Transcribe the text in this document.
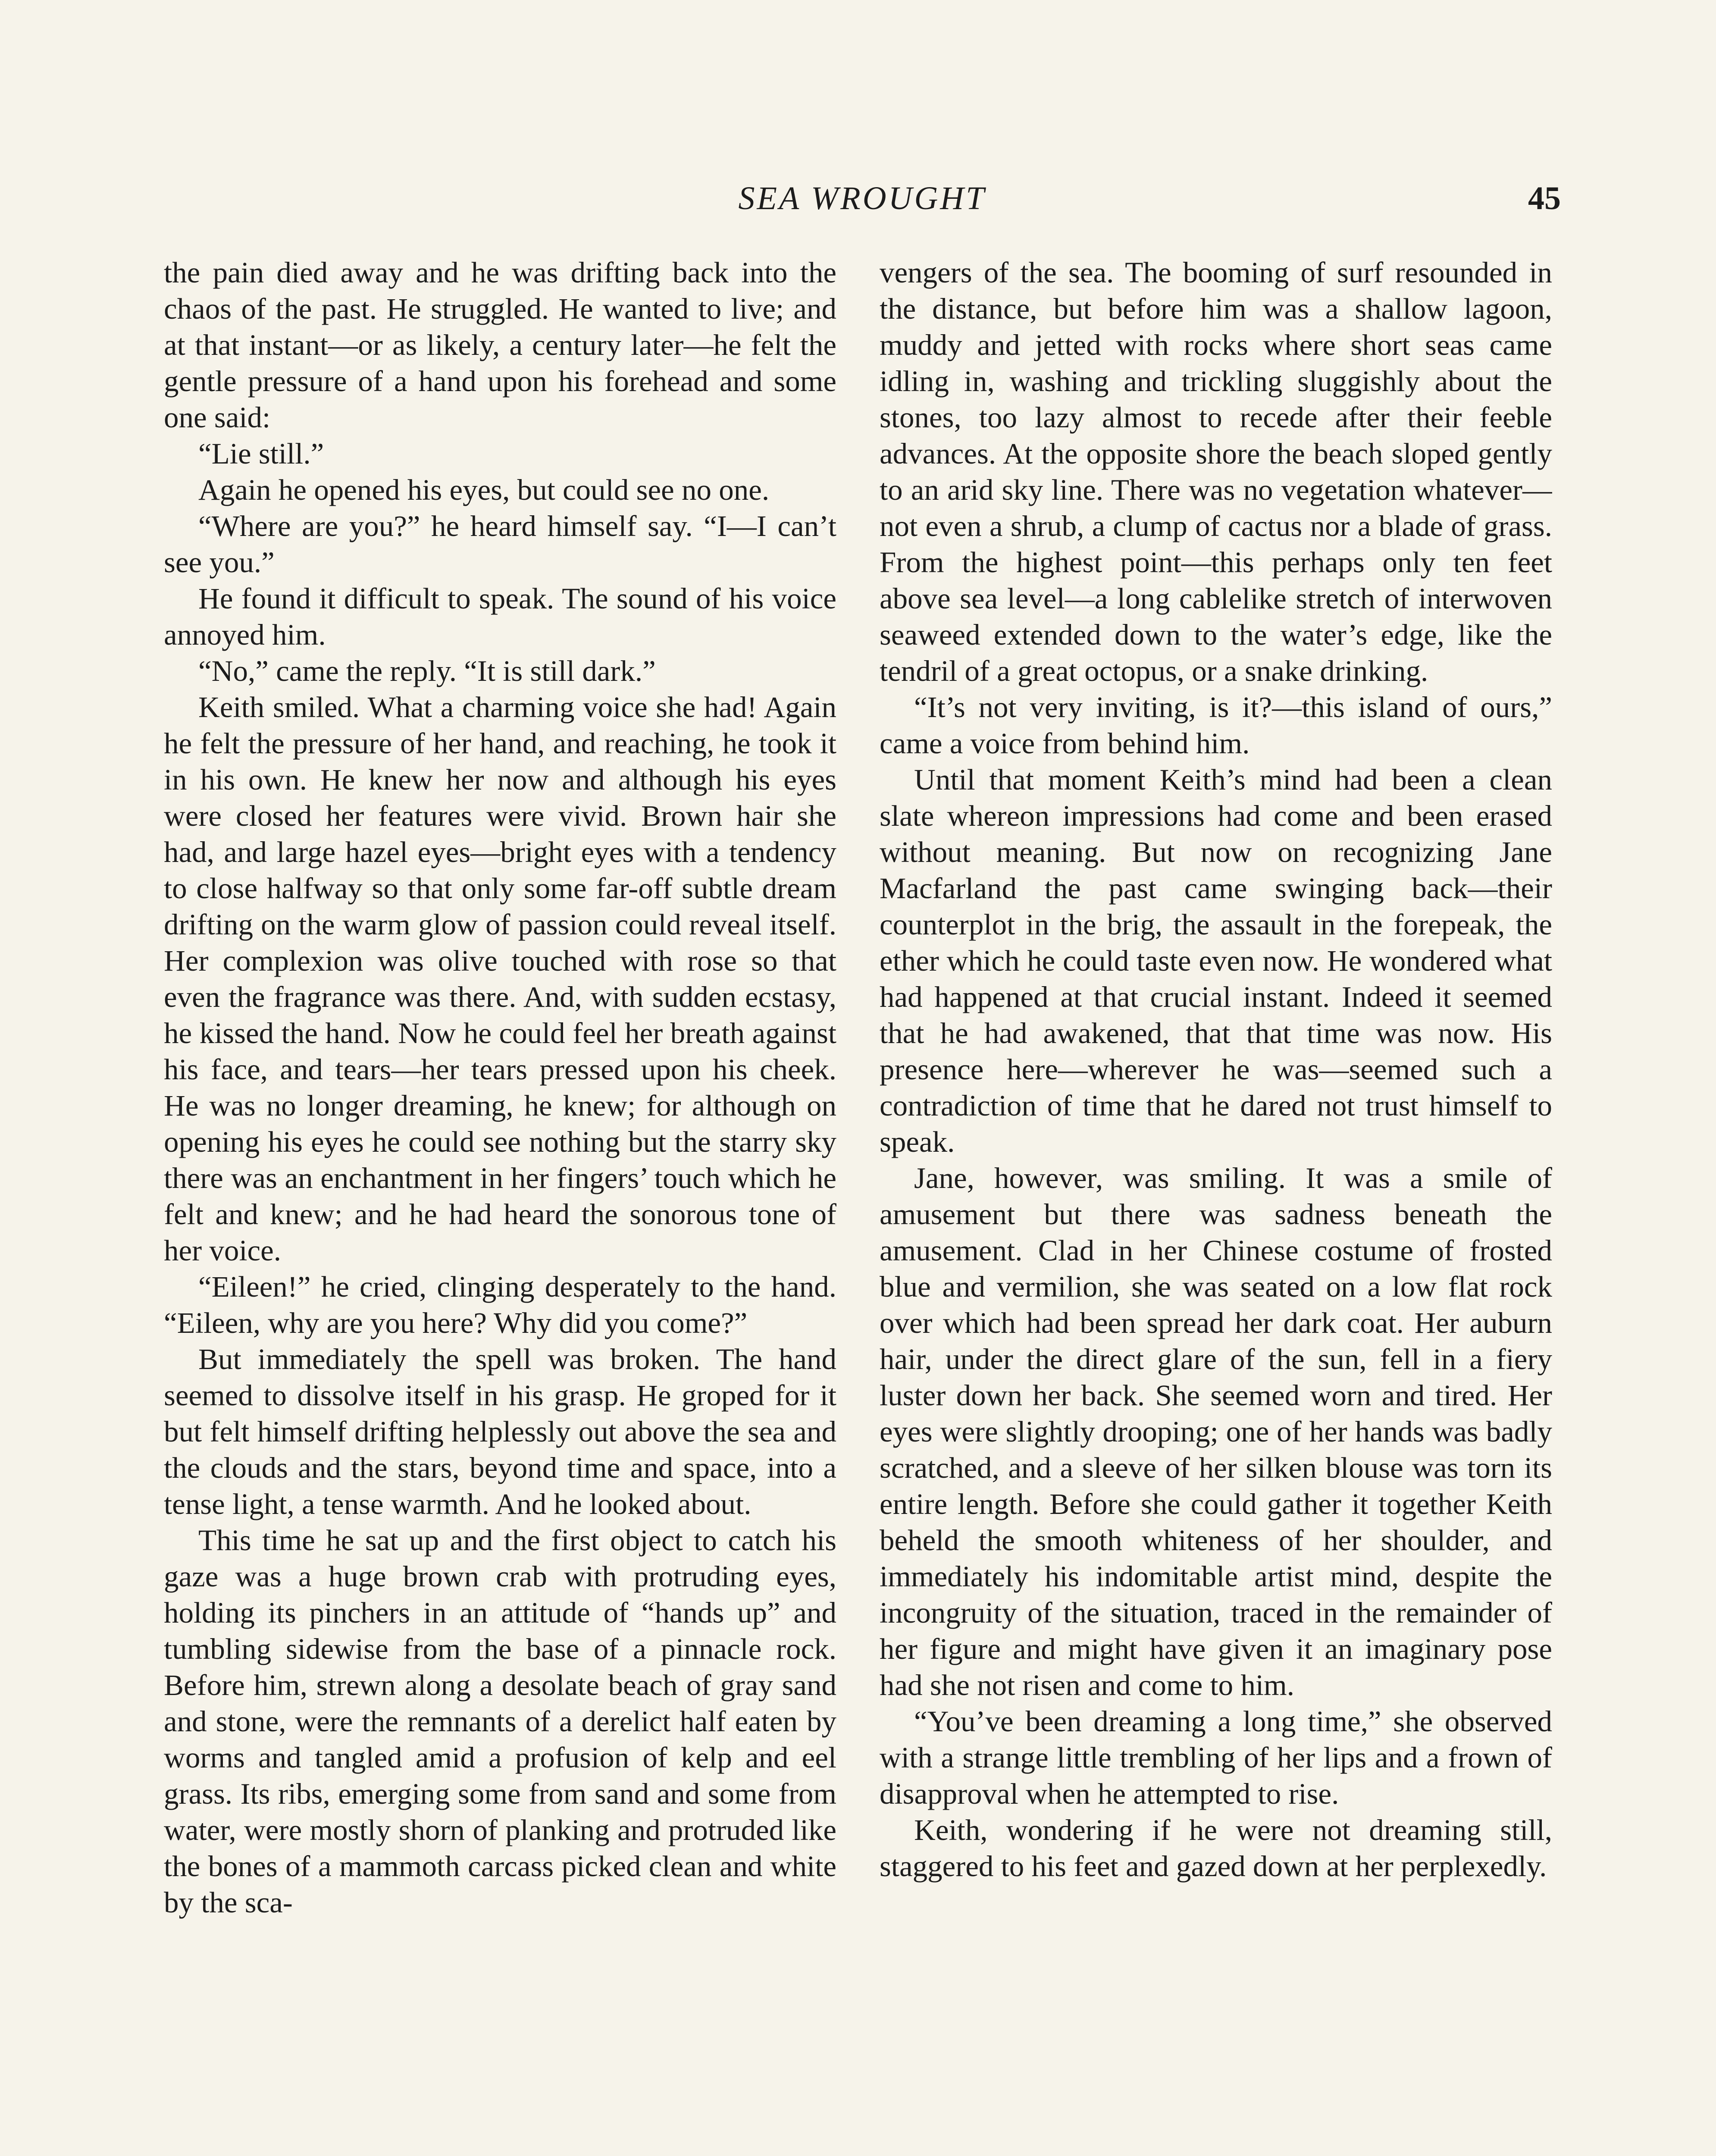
SEA WROUGHT	45

the pain died away and he was drifting back into the chaos of the past. He struggled. He wanted to live; and at that instant—or as likely, a century later—he felt the gentle pressure of a hand upon his forehead and some one said:

“Lie still.”

Again he opened his eyes, but could see no one.

“Where are you?” he heard himself say. “I—I can’t see you.”

He found it difficult to speak. The sound of his voice annoyed him.

“No,” came the reply. “It is still dark.”

Keith smiled. What a charming voice she had! Again he felt the pressure of her hand, and reaching, he took it in his own. He knew her now and although his eyes were closed her features were vivid. Brown hair she had, and large hazel eyes—bright eyes with a tendency to close halfway so that only some far-off subtle dream drifting on the warm glow of passion could reveal itself. Her complexion was olive touched with rose so that even the fragrance was there. And, with sudden ecstasy, he kissed the hand. Now he could feel her breath against his face, and tears—her tears pressed upon his cheek. He was no longer dreaming, he knew; for although on opening his eyes he could see nothing but the starry sky there was an enchantment in her fingers’ touch which he felt and knew; and he had heard the sonorous tone of her voice.

“Eileen!” he cried, clinging desperately to the hand. “Eileen, why are you here? Why did you come?”

But immediately the spell was broken. The hand seemed to dissolve itself in his grasp. He groped for it but felt himself drifting helplessly out above the sea and the clouds and the stars, beyond time and space, into a tense light, a tense warmth. And he looked about.

This time he sat up and the first object to catch his gaze was a huge brown crab with protruding eyes, holding its pinchers in an attitude of “hands up” and tumbling sidewise from the base of a pinnacle rock. Before him, strewn along a desolate beach of gray sand and stone, were the remnants of a derelict half eaten by worms and tangled amid a profusion of kelp and eel grass. Its ribs, emerging some from sand and some from water, were mostly shorn of planking and protruded like the bones of a mammoth carcass picked clean and white by the sca-

vengers of the sea. The booming of surf resounded in the distance, but before him was a shallow lagoon, muddy and jetted with rocks where short seas came idling in, washing and trickling sluggishly about the stones, too lazy almost to recede after their feeble advances. At the opposite shore the beach sloped gently to an arid sky line. There was no vegetation whatever—not even a shrub, a clump of cactus nor a blade of grass. From the highest point—this perhaps only ten feet above sea level—a long cablelike stretch of interwoven seaweed extended down to the water’s edge, like the tendril of a great octopus, or a snake drinking.

“It’s not very inviting, is it?—this island of ours,” came a voice from behind him.

Until that moment Keith’s mind had been a clean slate whereon impressions had come and been erased without meaning. But now on recognizing Jane Macfarland the past came swinging back—their counterplot in the brig, the assault in the forepeak, the ether which he could taste even now. He wondered what had happened at that crucial instant. Indeed it seemed that he had awakened, that that time was now. His presence here—wherever he was—seemed such a contradiction of time that he dared not trust himself to speak.

Jane, however, was smiling. It was a smile of amusement but there was sadness beneath the amusement. Clad in her Chinese costume of frosted blue and vermilion, she was seated on a low flat rock over which had been spread her dark coat. Her auburn hair, under the direct glare of the sun, fell in a fiery luster down her back. She seemed worn and tired. Her eyes were slightly drooping; one of her hands was badly scratched, and a sleeve of her silken blouse was torn its entire length. Before she could gather it together Keith beheld the smooth whiteness of her shoulder, and immediately his indomitable artist mind, despite the incongruity of the situation, traced in the remainder of her figure and might have given it an imaginary pose had she not risen and come to him.

“You’ve been dreaming a long time,” she observed with a strange little trembling of her lips and a frown of disapproval when he attempted to rise.

Keith, wondering if he were not dreaming still, staggered to his feet and gazed down at her perplexedly.
